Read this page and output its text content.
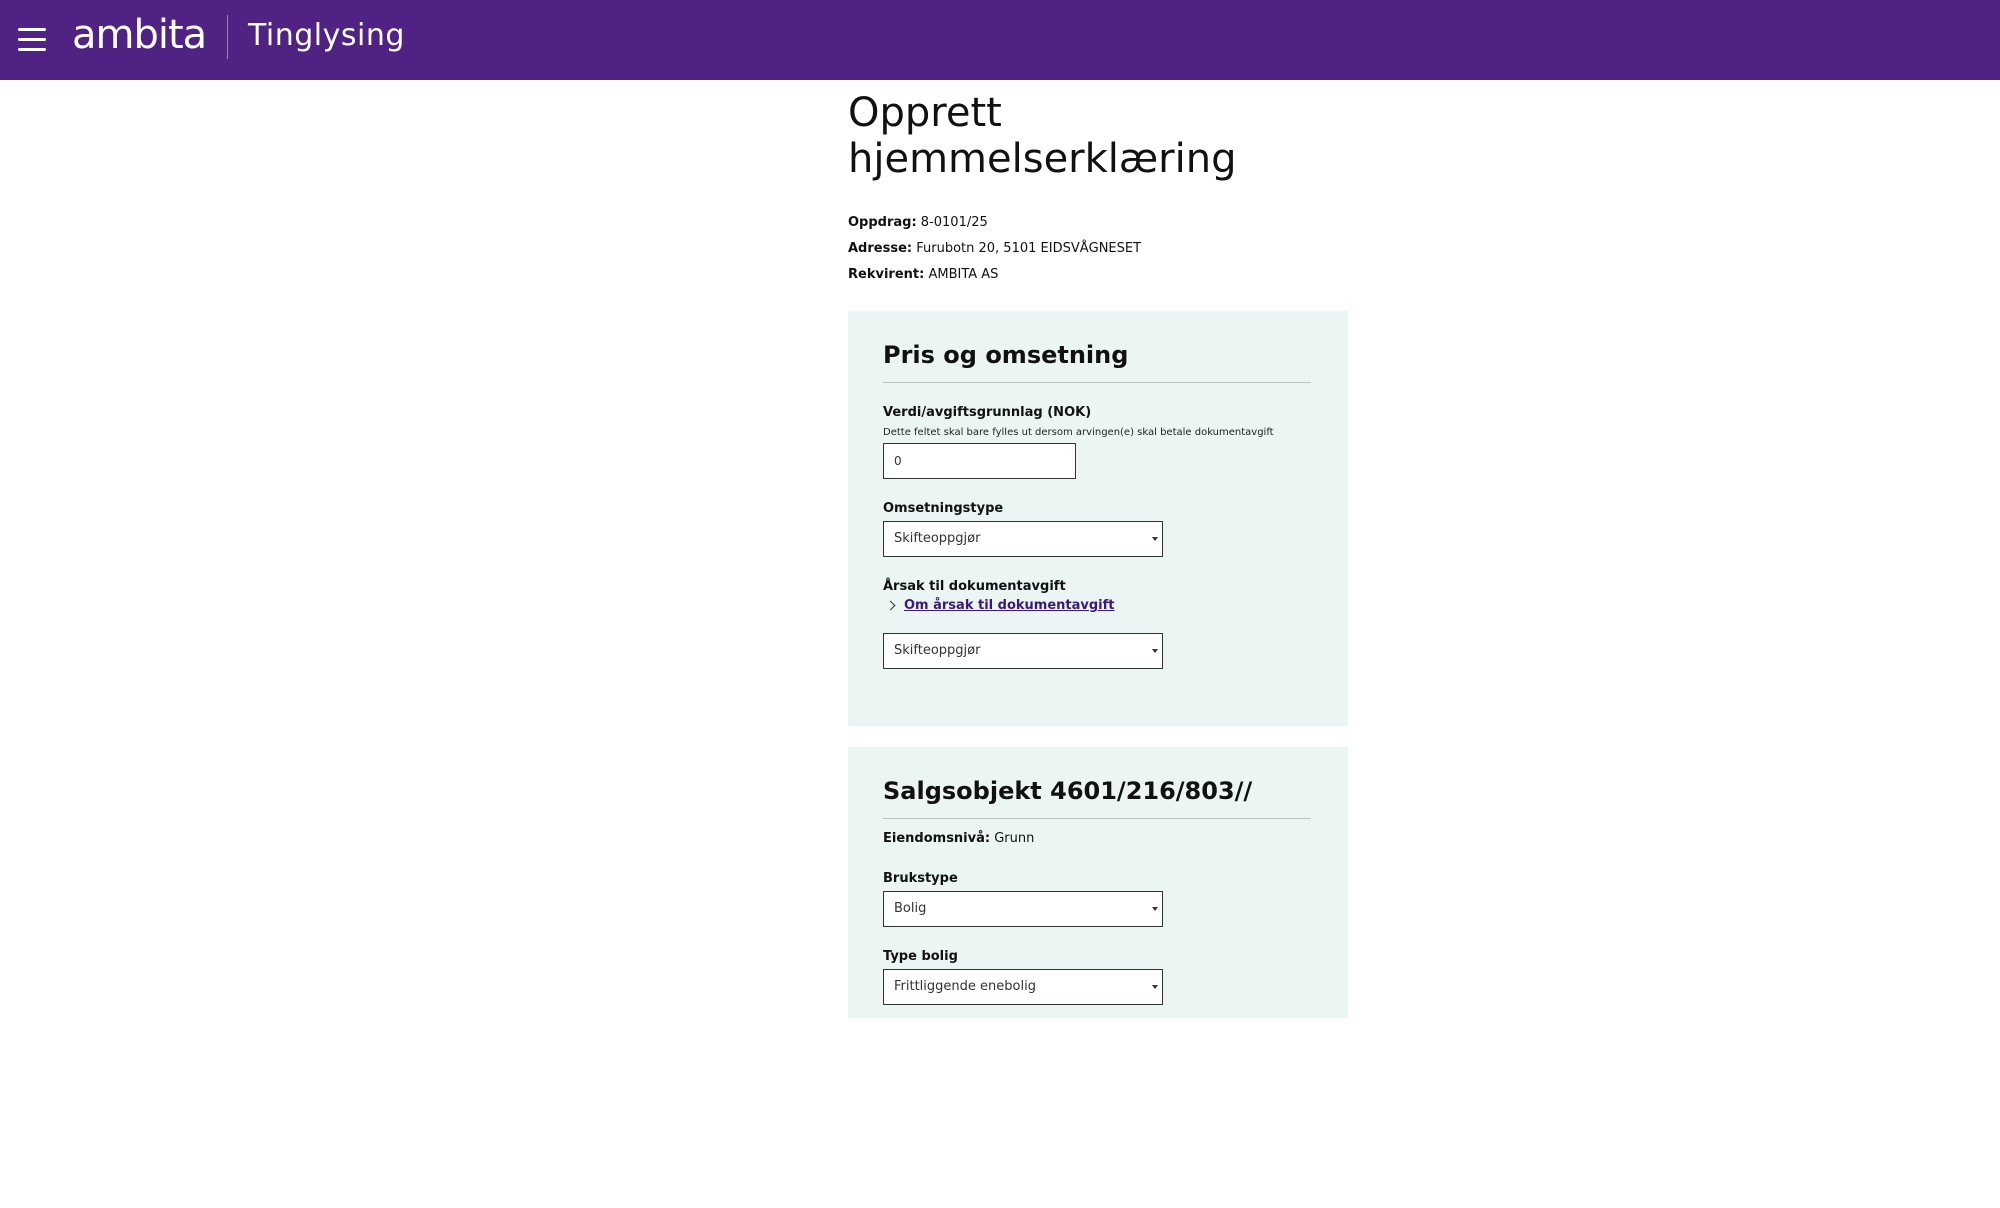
ambita Tinglysing
Opprett
hjemmelserklæring
Oppdrag: 8-0101/25
Adresse: Furubotn 20, 5101 EIDSVÅGNESET
Rekvirent: AMBITA AS
Pris og omsetning
Verdi/avgiftsgrunnlag (NOK)
Dette feltet skal bare fylles ut dersom arvingen(e) skal betale dokumentavgift
0
Omsetningstype
Skifteoppgjør
Årsak til dokumentavgift
Om årsak til dokumentavgift
Skifteoppgjør
Salgsobjekt 4601/216/803//
Eiendomsnivå: Grunn
Brukstype
Bolig
Type bolig
Frittliggende enebolig
